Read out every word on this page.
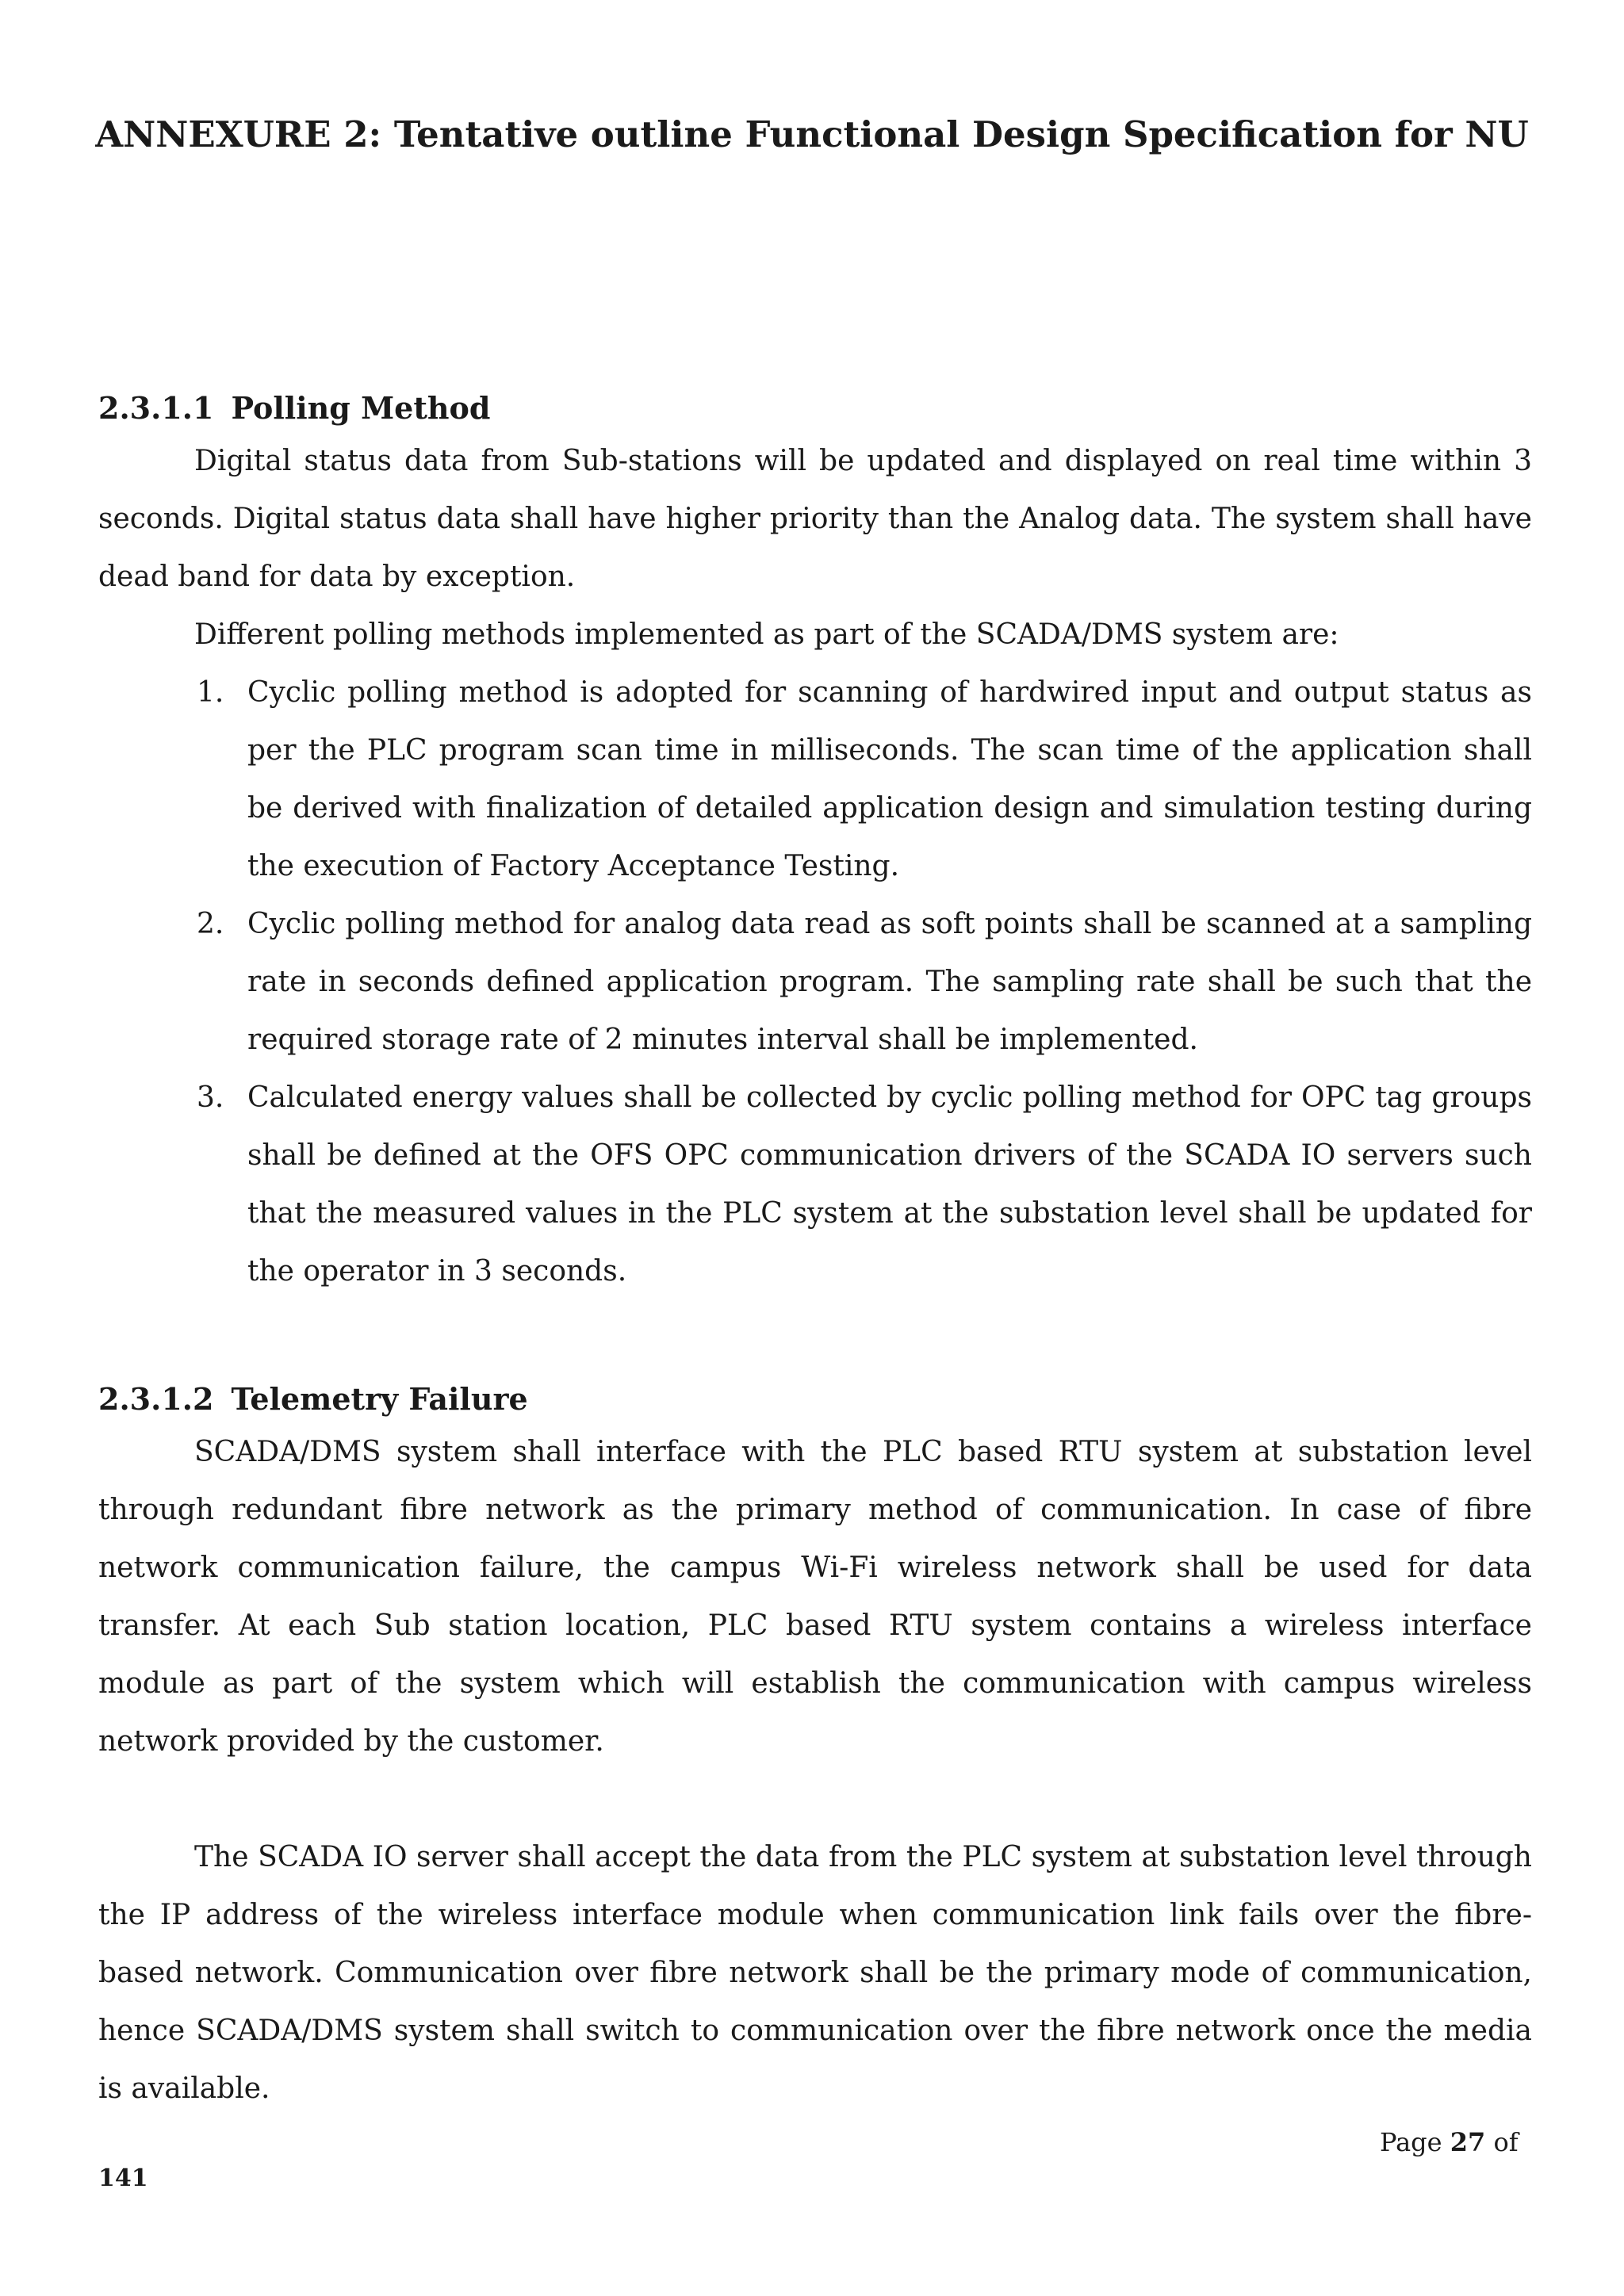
ANNEXURE 2: Tentative outline Functional Design Specification for NU
2.3.1.1 Polling Method

Digital status data from Sub-stations will be updated and displayed on real time within 3 seconds. Digital status data shall have higher priority than the Analog data. The system shall have dead band for data by exception.

Different polling methods implemented as part of the SCADA/DMS system are:

1. Cyclic polling method is adopted for scanning of hardwired input and output status as per the PLC program scan time in milliseconds. The scan time of the application shall be derived with finalization of detailed application design and simulation testing during the execution of Factory Acceptance Testing.
2. Cyclic polling method for analog data read as soft points shall be scanned at a sampling rate in seconds defined application program. The sampling rate shall be such that the required storage rate of 2 minutes interval shall be implemented.
3. Calculated energy values shall be collected by cyclic polling method for OPC tag groups shall be defined at the OFS OPC communication drivers of the SCADA IO servers such that the measured values in the PLC system at the substation level shall be updated for the operator in 3 seconds.
2.3.1.2 Telemetry Failure

SCADA/DMS system shall interface with the PLC based RTU system at substation level through redundant fibre network as the primary method of communication. In case of fibre network communication failure, the campus Wi-Fi wireless network shall be used for data transfer. At each Sub station location, PLC based RTU system contains a wireless interface module as part of the system which will establish the communication with campus wireless network provided by the customer.

The SCADA IO server shall accept the data from the PLC system at substation level through the IP address of the wireless interface module when communication link fails over the fibre-based network. Communication over fibre network shall be the primary mode of communication, hence SCADA/DMS system shall switch to communication over the fibre network once the media is available.

Page 27 of
141
